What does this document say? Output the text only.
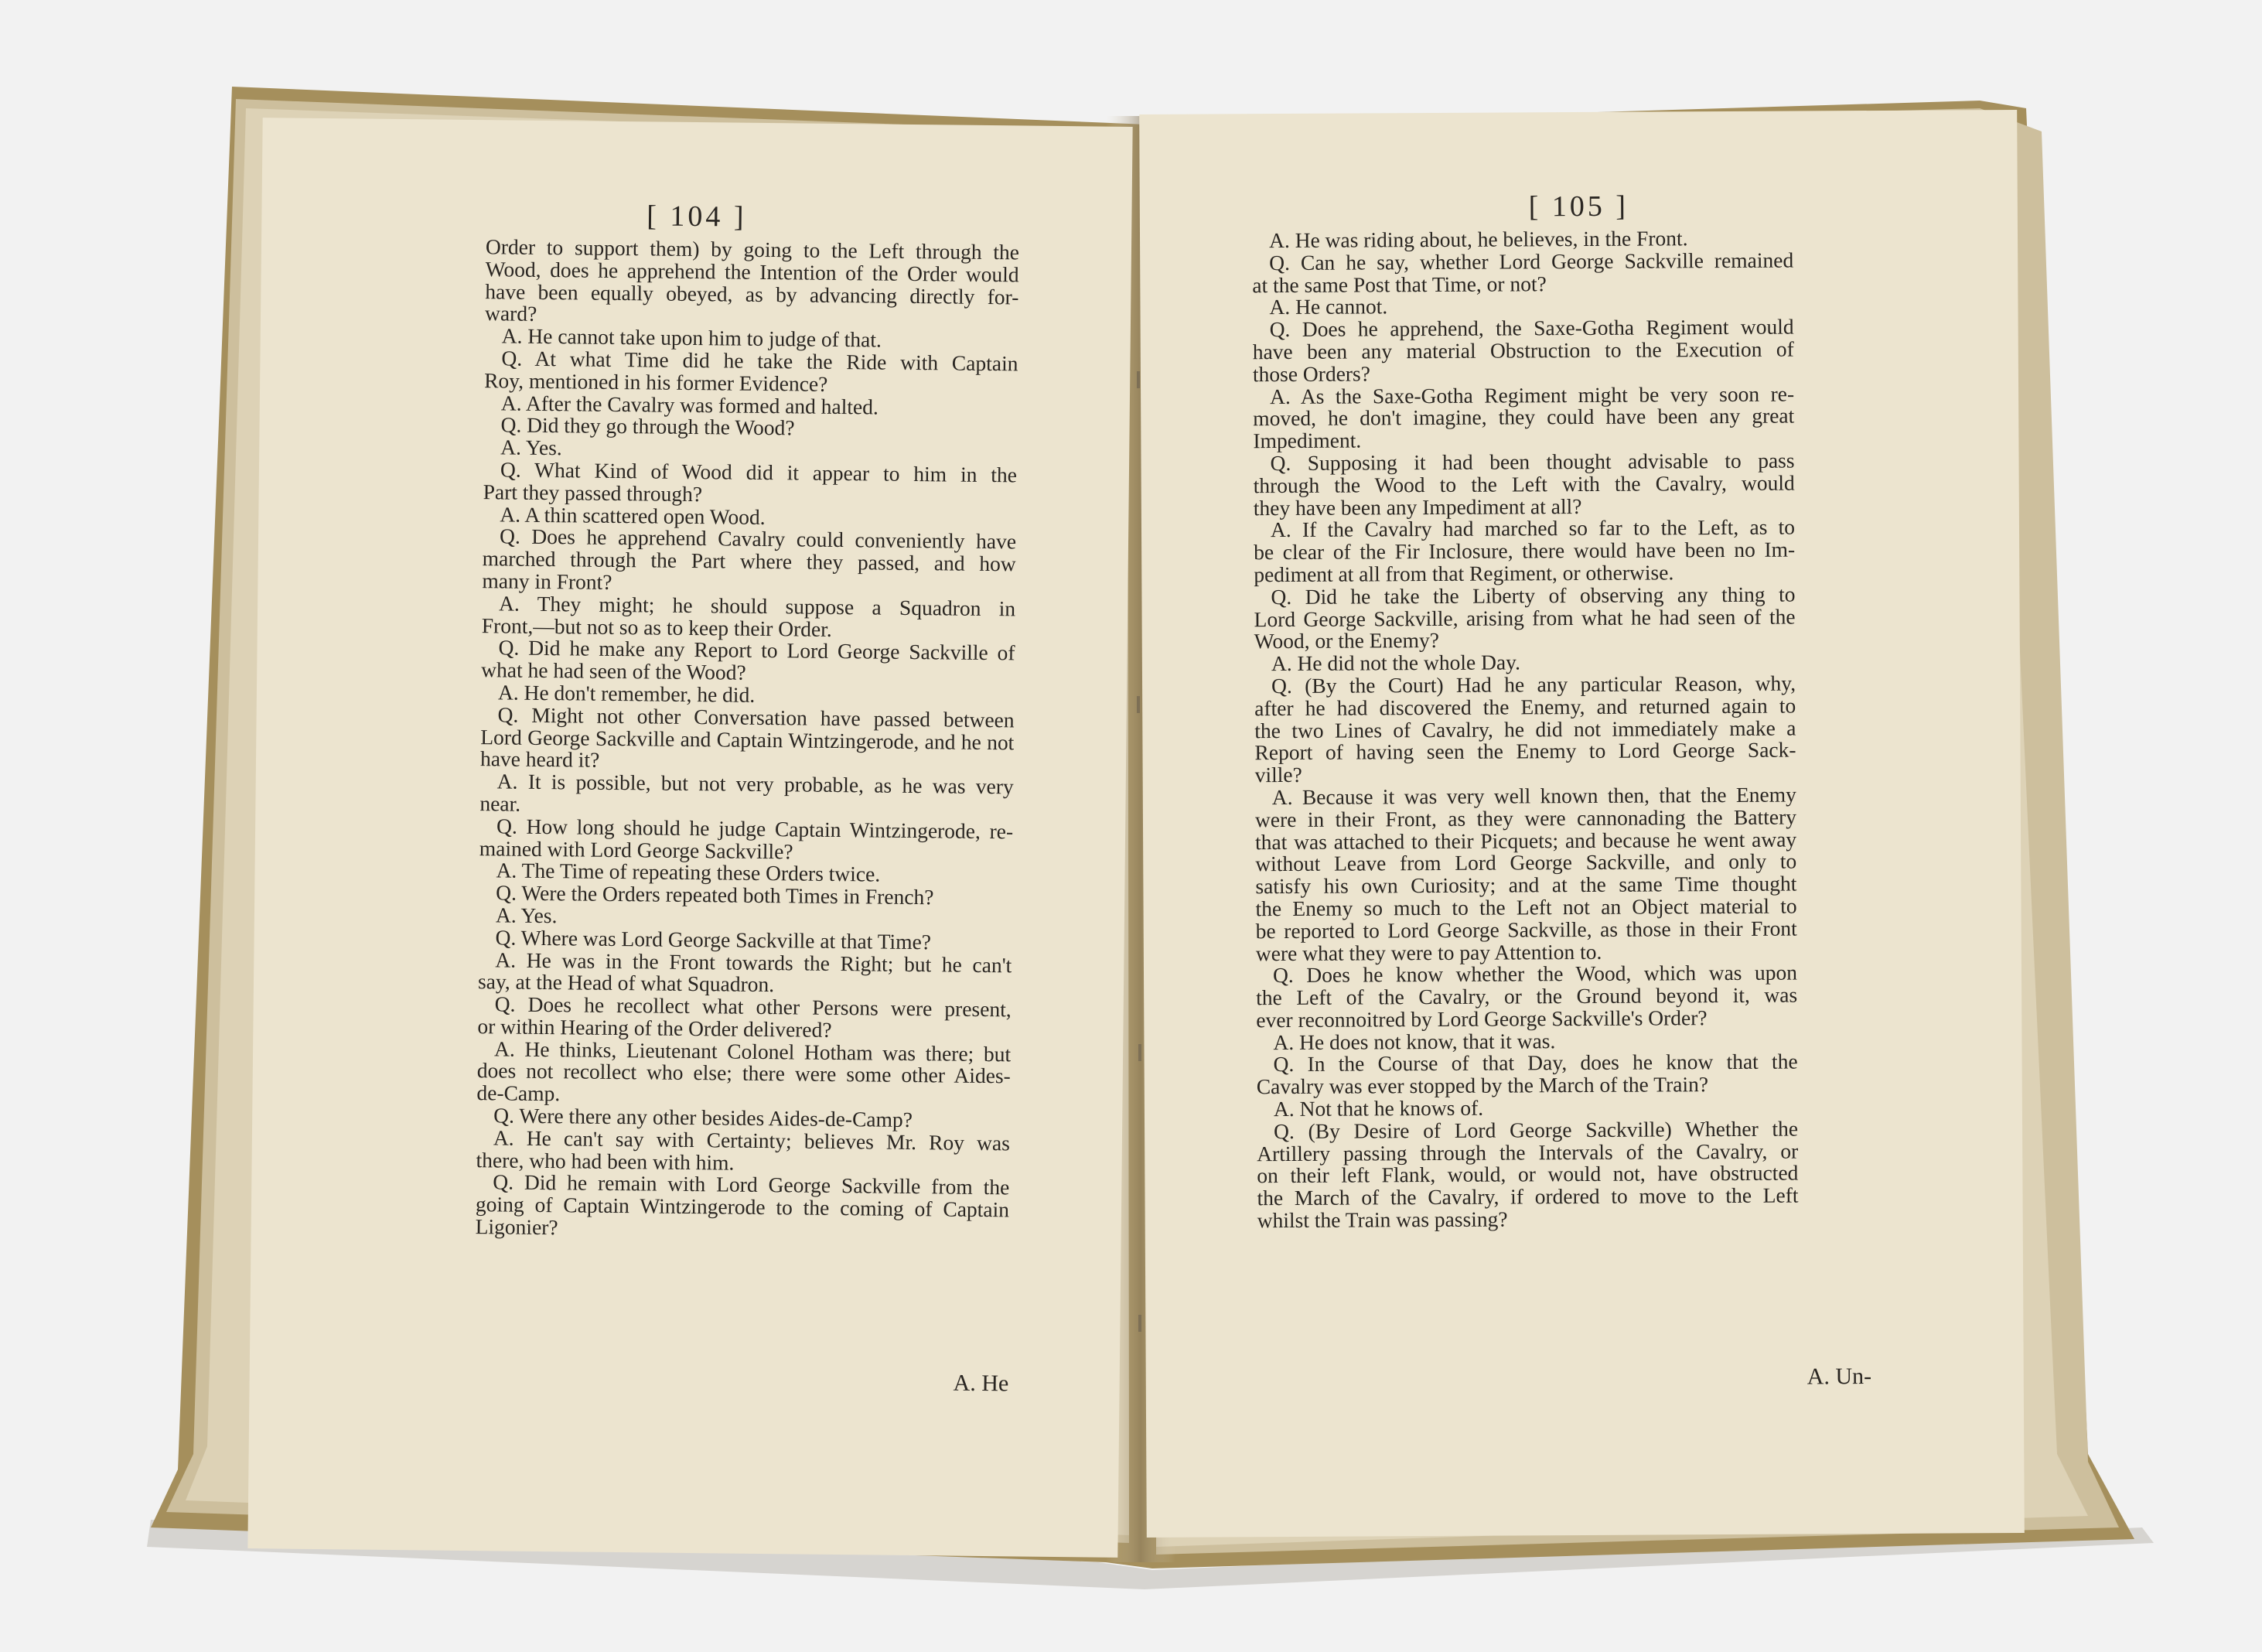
[ 104 ]
Order to support them) by going to the Left through the
Wood, does he apprehend the Intention of the Order would
have been equally obeyed, as by advancing directly for-
ward?
A. He cannot take upon him to judge of that.
Q. At what Time did he take the Ride with Captain
Roy, mentioned in his former Evidence?
A. After the Cavalry was formed and halted.
Q. Did they go through the Wood?
A. Yes.
Q. What Kind of Wood did it appear to him in the
Part they passed through?
A. A thin scattered open Wood.
Q. Does he apprehend Cavalry could conveniently have
marched through the Part where they passed, and how
many in Front?
A. They might; he should suppose a Squadron in
Front,—but not so as to keep their Order.
Q. Did he make any Report to Lord George Sackville of
what he had seen of the Wood?
A. He don't remember, he did.
Q. Might not other Conversation have passed between
Lord George Sackville and Captain Wintzingerode, and he not
have heard it?
A. It is possible, but not very probable, as he was very
near.
Q. How long should he judge Captain Wintzingerode, re-
mained with Lord George Sackville?
A. The Time of repeating these Orders twice.
Q. Were the Orders repeated both Times in French?
A. Yes.
Q. Where was Lord George Sackville at that Time?
A. He was in the Front towards the Right; but he can't
say, at the Head of what Squadron.
Q. Does he recollect what other Persons were present,
or within Hearing of the Order delivered?
A. He thinks, Lieutenant Colonel Hotham was there; but
does not recollect who else; there were some other Aides-
de-Camp.
Q. Were there any other besides Aides-de-Camp?
A. He can't say with Certainty; believes Mr. Roy was
there, who had been with him.
Q. Did he remain with Lord George Sackville from the
going of Captain Wintzingerode to the coming of Captain
Ligonier?
A. He
[ 105 ]
A. He was riding about, he believes, in the Front.
Q. Can he say, whether Lord George Sackville remained
at the same Post that Time, or not?
A. He cannot.
Q. Does he apprehend, the Saxe-Gotha Regiment would
have been any material Obstruction to the Execution of
those Orders?
A. As the Saxe-Gotha Regiment might be very soon re-
moved, he don't imagine, they could have been any great
Impediment.
Q. Supposing it had been thought advisable to pass
through the Wood to the Left with the Cavalry, would
they have been any Impediment at all?
A. If the Cavalry had marched so far to the Left, as to
be clear of the Fir Inclosure, there would have been no Im-
pediment at all from that Regiment, or otherwise.
Q. Did he take the Liberty of observing any thing to
Lord George Sackville, arising from what he had seen of the
Wood, or the Enemy?
A. He did not the whole Day.
Q. (By the Court) Had he any particular Reason, why,
after he had discovered the Enemy, and returned again to
the two Lines of Cavalry, he did not immediately make a
Report of having seen the Enemy to Lord George Sack-
ville?
A. Because it was very well known then, that the Enemy
were in their Front, as they were cannonading the Battery
that was attached to their Picquets; and because he went away
without Leave from Lord George Sackville, and only to
satisfy his own Curiosity; and at the same Time thought
the Enemy so much to the Left not an Object material to
be reported to Lord George Sackville, as those in their Front
were what they were to pay Attention to.
Q. Does he know whether the Wood, which was upon
the Left of the Cavalry, or the Ground beyond it, was
ever reconnoitred by Lord George Sackville's Order?
A. He does not know, that it was.
Q. In the Course of that Day, does he know that the
Cavalry was ever stopped by the March of the Train?
A. Not that he knows of.
Q. (By Desire of Lord George Sackville) Whether the
Artillery passing through the Intervals of the Cavalry, or
on their left Flank, would, or would not, have obstructed
the March of the Cavalry, if ordered to move to the Left
whilst the Train was passing?
A. Un-
